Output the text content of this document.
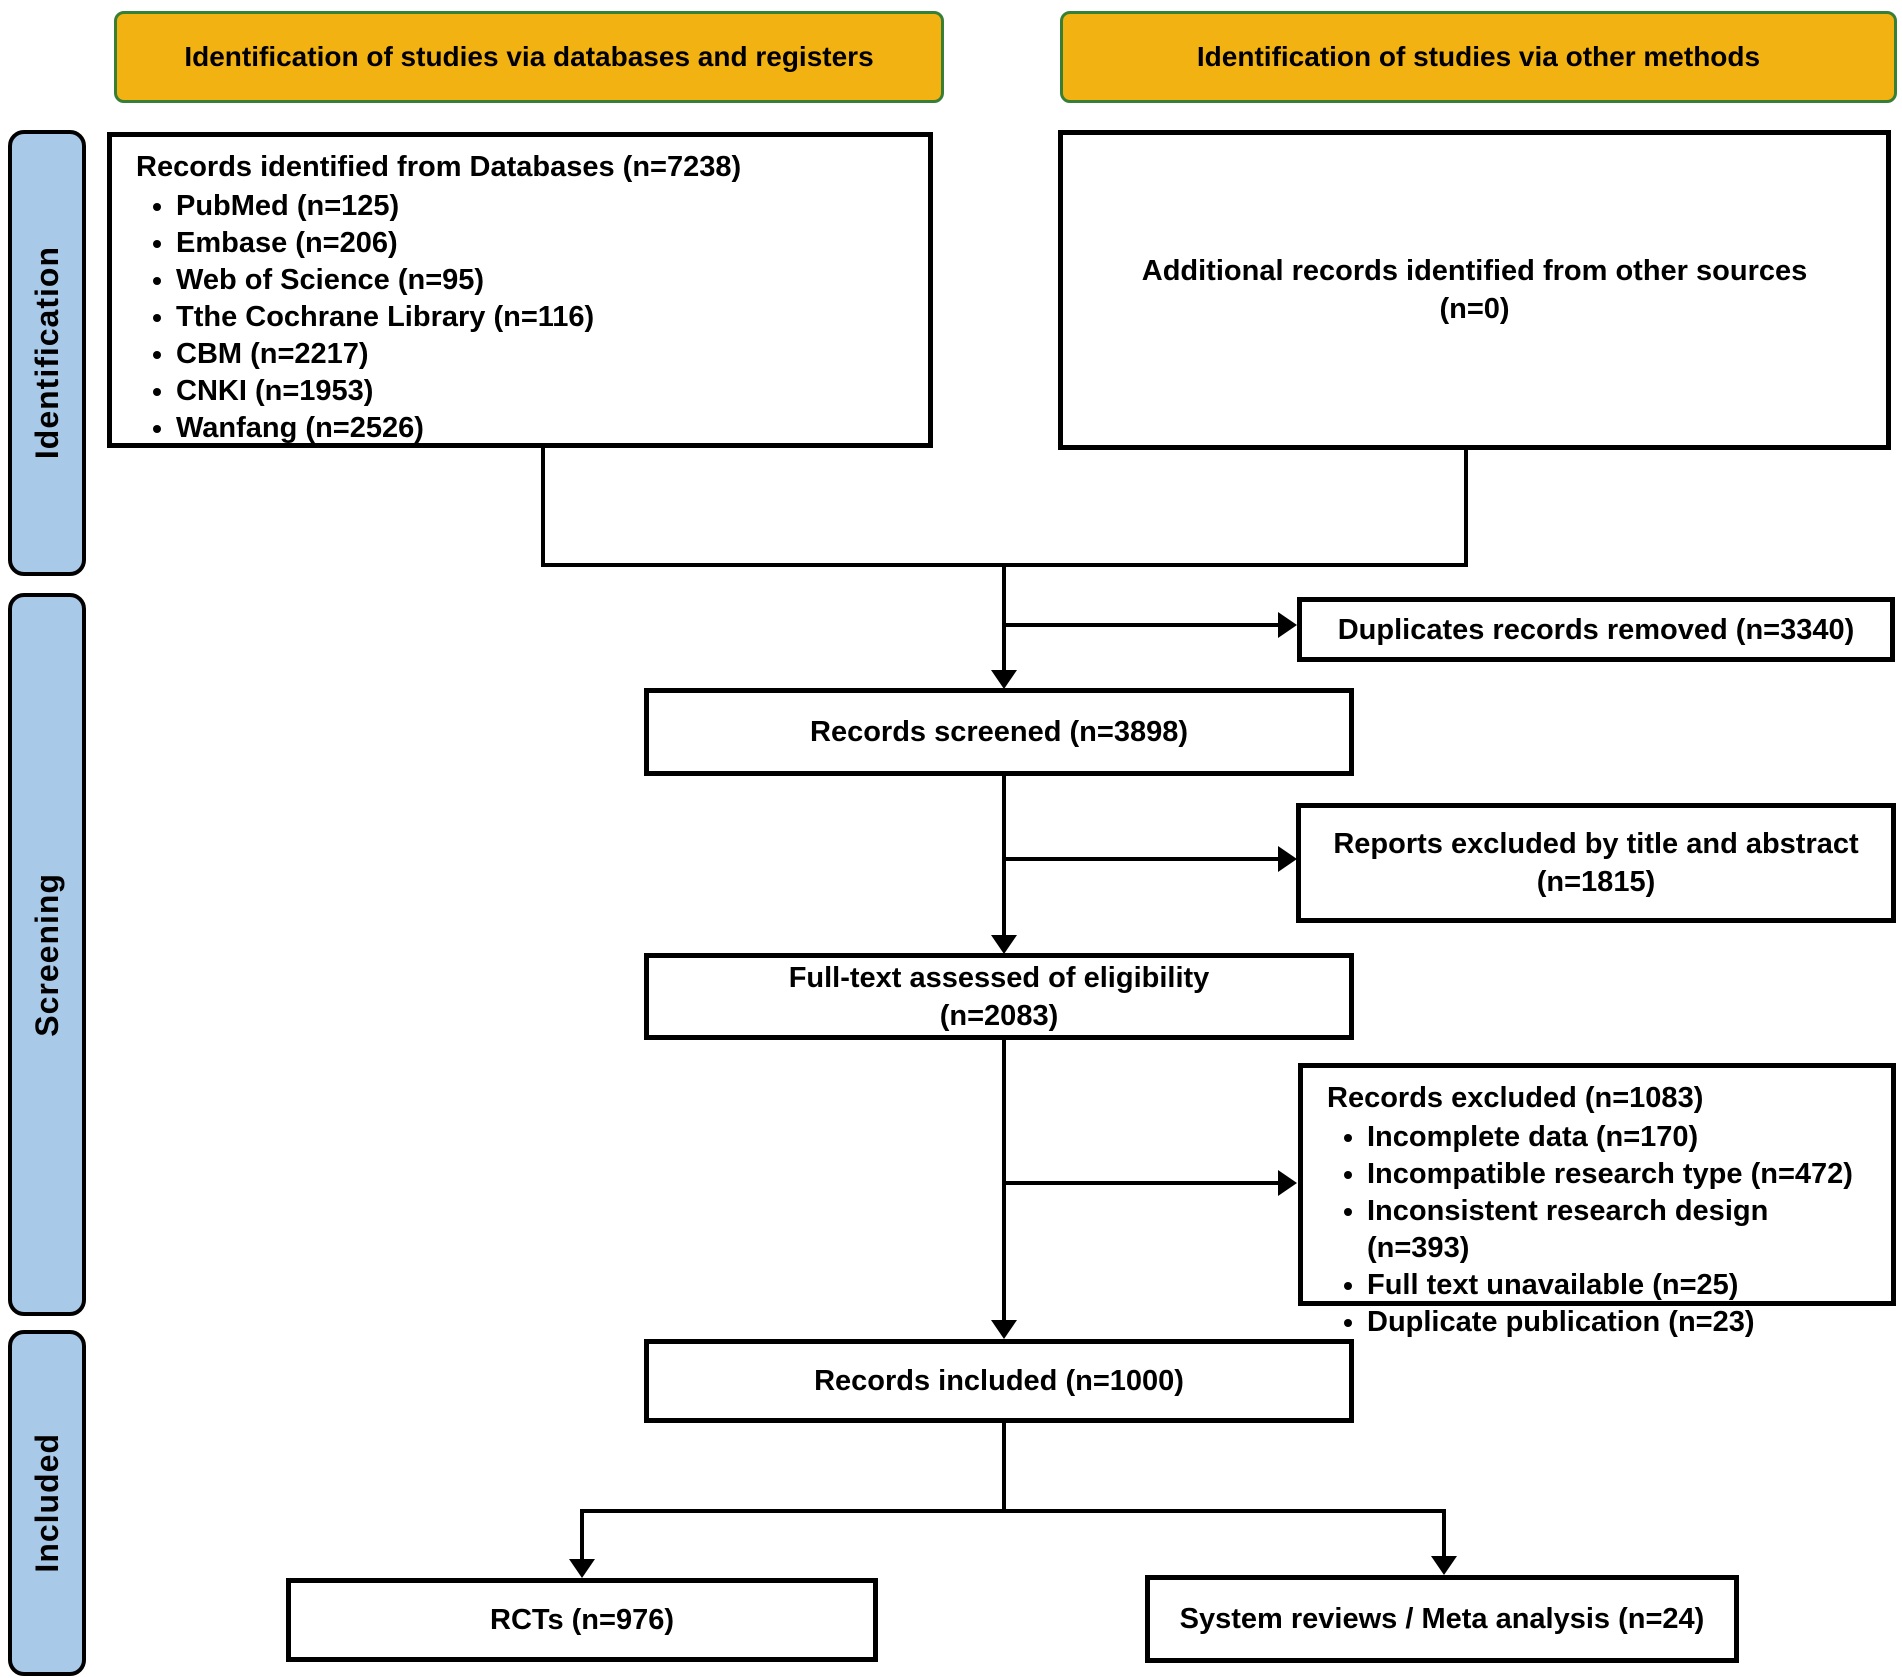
Identification of studies via databases and registers	Identification of studies via other methods
Identification
Screening
Included

Records identified from Databases (n=7238)

• PubMed (n=125)
• Embase (n=206)
• Web of Science (n=95)
• Tthe Cochrane Library (n=116)
• CBM (n=2217)
• CNKI (n=1953)
• Wanfang (n=2526)
Additional records identified from other sources
(n=0)
Duplicates records removed (n=3340)
Records screened (n=3898)
Reports excluded by title and abstract
(n=1815)
Full-text assessed of eligibility
(n=2083)

Records excluded (n=1083)

• Incomplete data (n=170)
• Incompatible research type (n=472)
• Inconsistent research design (n=393)
• Full text unavailable (n=25)
• Duplicate publication (n=23)
Records included (n=1000)
RCTs (n=976)	System reviews / Meta analysis (n=24)
